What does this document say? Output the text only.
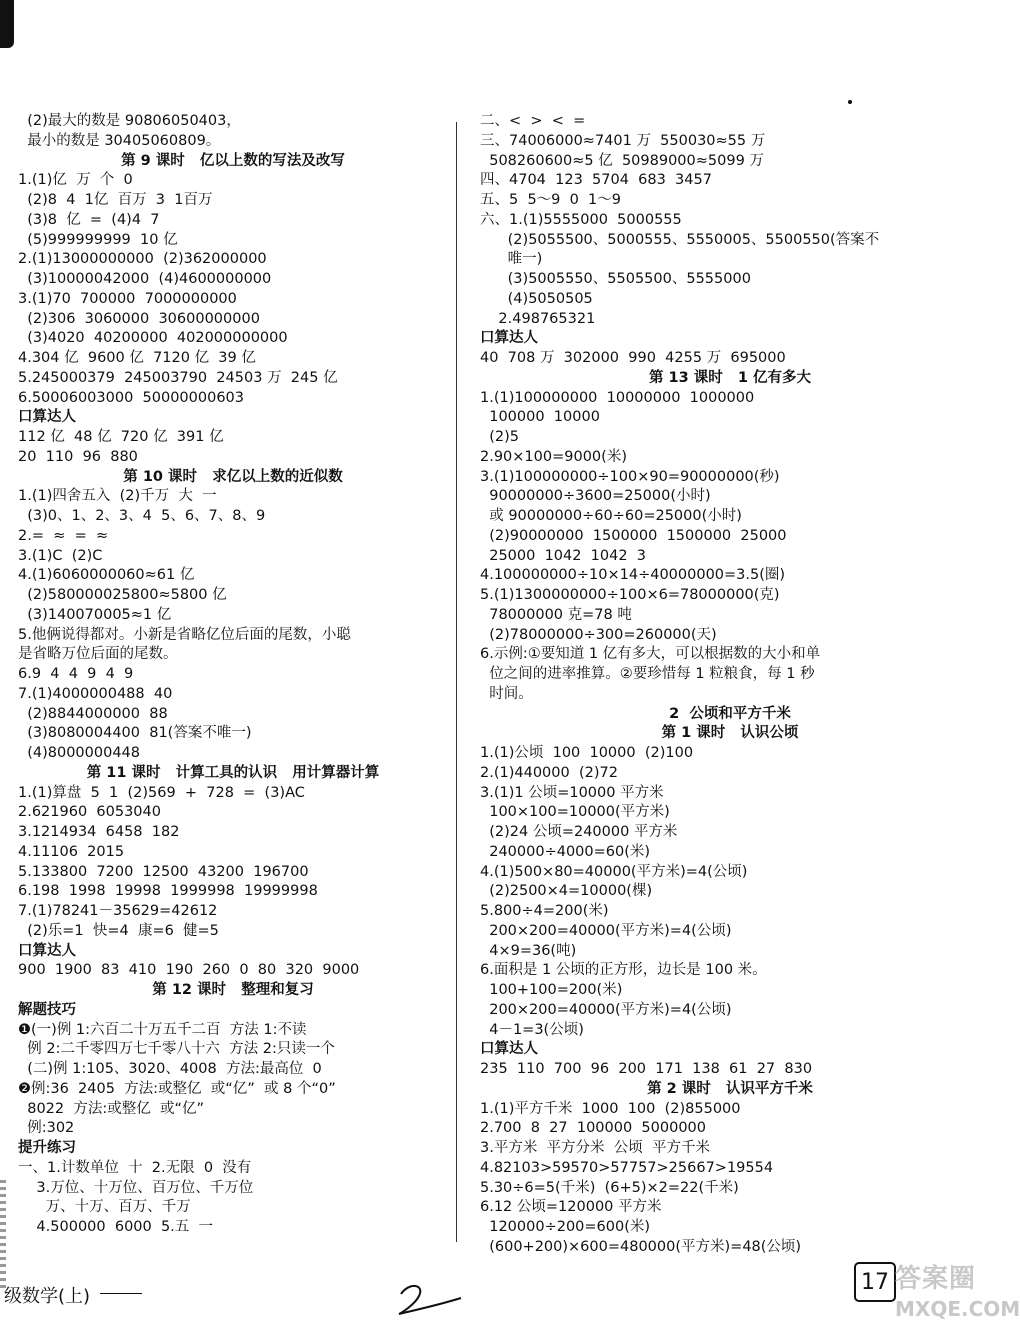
(2)最大的数是 90806050403，
最小的数是 30405060809。
第 9 课时   亿以上数的写法及改写
1.(1)亿  万  个  0
(2)8  4  1亿  百万  3  1百万
(3)8  亿  =  (4)4  7
(5)999999999  10 亿
2.(1)13000000000  (2)362000000
(3)10000042000  (4)4600000000
3.(1)70  700000  7000000000
(2)306  3060000  30600000000
(3)4020  40200000  402000000000
4.304 亿  9600 亿  7120 亿  39 亿
5.245000379  245003790  24503 万  245 亿
6.50006003000  50000000603
口算达人
112 亿  48 亿  720 亿  391 亿
20  110  96  880
第 10 课时   求亿以上数的近似数
1.(1)四舍五入  (2)千万  大  一
(3)0、1、2、3、4  5、6、7、8、9
2.=  ≈  =  ≈
3.(1)C  (2)C
4.(1)6060000060≈61 亿
(2)580000025800≈5800 亿
(3)140070005≈1 亿
5.他俩说得都对。小新是省略亿位后面的尾数，小聪
是省略万位后面的尾数。
6.9  4  4  9  4  9
7.(1)4000000488  40
(2)8844000000  88
(3)8080004400  81(答案不唯一)
(4)8000000448
第 11 课时   计算工具的认识   用计算器计算
1.(1)算盘  5  1  (2)569  +  728  =  (3)AC
2.621960  6053040
3.1214934  6458  182
4.11106  2015
5.133800  7200  12500  43200  196700
6.198  1998  19998  1999998  19999998
7.(1)78241－35629=42612
(2)乐=1  快=4  康=6  健=5
口算达人
900  1900  83  410  190  260  0  80  320  9000
第 12 课时   整理和复习
解题技巧
❶(一)例 1:六百二十万五千二百  方法 1:不读
例 2:二千零四万七千零八十六  方法 2:只读一个
(二)例 1:105、3020、4008  方法:最高位  0
❷例:36  2405  方法:或整亿  或“亿”  或 8 个“0”
8022  方法:或整亿  或“亿”
例:302
提升练习
一、1.计数单位  十  2.无限  0  没有
3.万位、十万位、百万位、千万位
万、十万、百万、千万
4.500000  6000  5.五  一
二、<  >  <  =
三、74006000≈7401 万  550030≈55 万
508260600≈5 亿  50989000≈5099 万
四、4704  123  5704  683  3457
五、5  5～9  0  1～9
六、1.(1)5555000  5000555
(2)5055500、5000555、5550005、5500550(答案不
唯一)
(3)5005550、5505500、5555000
(4)5050505
2.498765321
口算达人
40  708 万  302000  990  4255 万  695000
第 13 课时   1 亿有多大
1.(1)100000000  10000000  1000000
100000  10000
(2)5
2.90×100=9000(米)
3.(1)100000000÷100×90=90000000(秒)
90000000÷3600=25000(小时)
或 90000000÷60÷60=25000(小时)
(2)90000000  1500000  1500000  25000
25000  1042  1042  3
4.100000000÷10×14÷40000000=3.5(圈)
5.(1)1300000000÷100×6=78000000(克)
78000000 克=78 吨
(2)78000000÷300=260000(天)
6.示例:①要知道 1 亿有多大，可以根据数的大小和单
位之间的进率推算。②要珍惜每 1 粒粮食，每 1 秒
时间。
2  公顷和平方千米
第 1 课时   认识公顷
1.(1)公顷  100  10000  (2)100
2.(1)440000  (2)72
3.(1)1 公顷=10000 平方米
100×100=10000(平方米)
(2)24 公顷=240000 平方米
240000÷4000=60(米)
4.(1)500×80=40000(平方米)=4(公顷)
(2)2500×4=10000(棵)
5.800÷4=200(米)
200×200=40000(平方米)=4(公顷)
4×9=36(吨)
6.面积是 1 公顷的正方形，边长是 100 米。
100+100=200(米)
200×200=40000(平方米)=4(公顷)
4－1=3(公顷)
口算达人
235  110  700  96  200  171  138  61  27  830
第 2 课时   认识平方千米
1.(1)平方千米  1000  100  (2)855000
2.700  8  27  100000  5000000
3.平方米  平方分米  公顷  平方千米
4.82103>59570>57757>25667>19554
5.30÷6=5(千米)  (6+5)×2=22(千米)
6.12 公顷=120000 平方米
120000÷200=600(米)
(600+200)×600=480000(平方米)=48(公顷)
级数学(上)
17 答案圈
MXQE.COM
